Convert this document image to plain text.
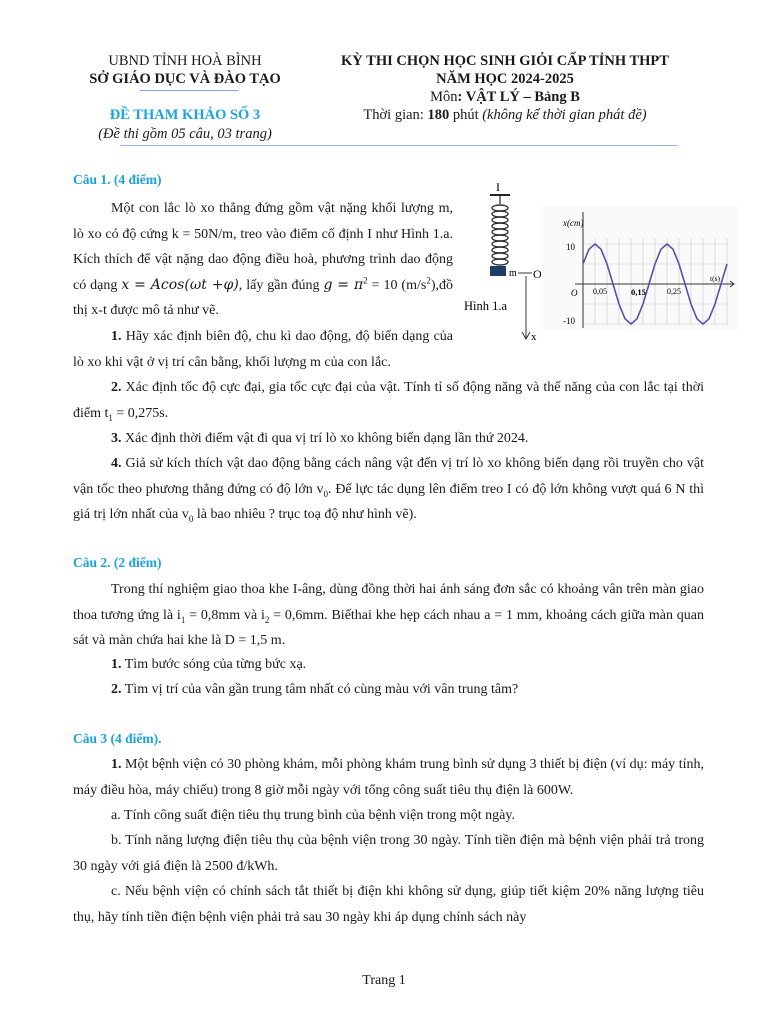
UBND TỈNH HOÀ BÌNH
SỞ GIÁO DỤC VÀ ĐÀO TẠO
KỲ THI CHỌN HỌC SINH GIỎI CẤP TỈNH THPT
NĂM HỌC 2024-2025
Môn: VẬT LÝ – Bảng B
ĐỀ THAM KHẢO SỐ 3
(Đề thi gồm 05 câu, 03 trang)
Thời gian: 180 phút (không kể thời gian phát đề)
Câu 1. (4 điểm)
Một con lắc lò xo thẳng đứng gồm vật nặng khối lượng m, lò xo có độ cứng k = 50N/m, treo vào điểm cố định I như Hình 1.a. Kích thích để vật nặng dao động điều hoà, phương trình dao động có dạng x = Acos(ωt +φ), lấy gần đúng $g = \pi^2 = 10$ $(m/s^2),đồ$ thị x-t được mô tả như vẽ.
1. Hãy xác định biên độ, chu kì dao động, độ biến dạng của lò xo khi vật ở vị trí cân bằng, khối lượng m của con lắc.
2. Xác định tốc độ cực đại, gia tốc cực đại của vật. Tính tỉ số động năng và thế năng của con lắc tại thời điểm $t_1 = 0,275s$.
3. Xác định thời điểm vật đi qua vị trí lò xo không biến dạng lần thứ 2024.
4. Giả sử kích thích vật dao động bằng cách nâng vật đến vị trí lò xo không biến dạng rồi truyền cho vật vận tốc theo phương thẳng đứng có độ lớn $v_0$. Để lực tác dụng lên điểm treo I có độ lớn không vượt quá 6 N thì giá trị lớn nhất của $v_0$ là bao nhiêu ? trục toạ độ như hình vẽ).
I
m O
x
Hình 1.a
x(cm)
t(s)
O
10
-10
0,05	0,15	0,25
Câu 2. (2 điểm)
Trong thí nghiệm giao thoa khe I-âng, dùng đồng thời hai ánh sáng đơn sắc có khoảng vân trên màn giao thoa tương ứng là $i_1 = 0,8mm$ và $i_2 = 0,6mm$. Biếthai khe hẹp cách nhau a = 1 mm, khoảng cách giữa màn quan sát và màn chứa hai khe là D = 1,5 m.
1. Tìm bước sóng của từng bức xạ.
2. Tìm vị trí của vân gần trung tâm nhất có cùng màu với vân trung tâm?
Câu 3 (4 điểm).
1. Một bệnh viện có 30 phòng khám, mỗi phòng khám trung bình sử dụng 3 thiết bị điện (ví dụ: máy tính, máy điều hòa, máy chiếu) trong 8 giờ mỗi ngày với tổng công suất tiêu thụ điện là 600W.
a. Tính công suất điện tiêu thụ trung bình của bệnh viện trong một ngày.
b. Tính năng lượng điện tiêu thụ của bệnh viện trong 30 ngày. Tính tiền điện mà bệnh viện phải trả trong 30 ngày với giá điện là 2500 đ/kWh.
c. Nếu bệnh viện có chính sách tắt thiết bị điện khi không sử dụng, giúp tiết kiệm 20% năng lượng tiêu thụ, hãy tính tiền điện bệnh viện phải trả sau 30 ngày khi áp dụng chính sách này
Trang 1
